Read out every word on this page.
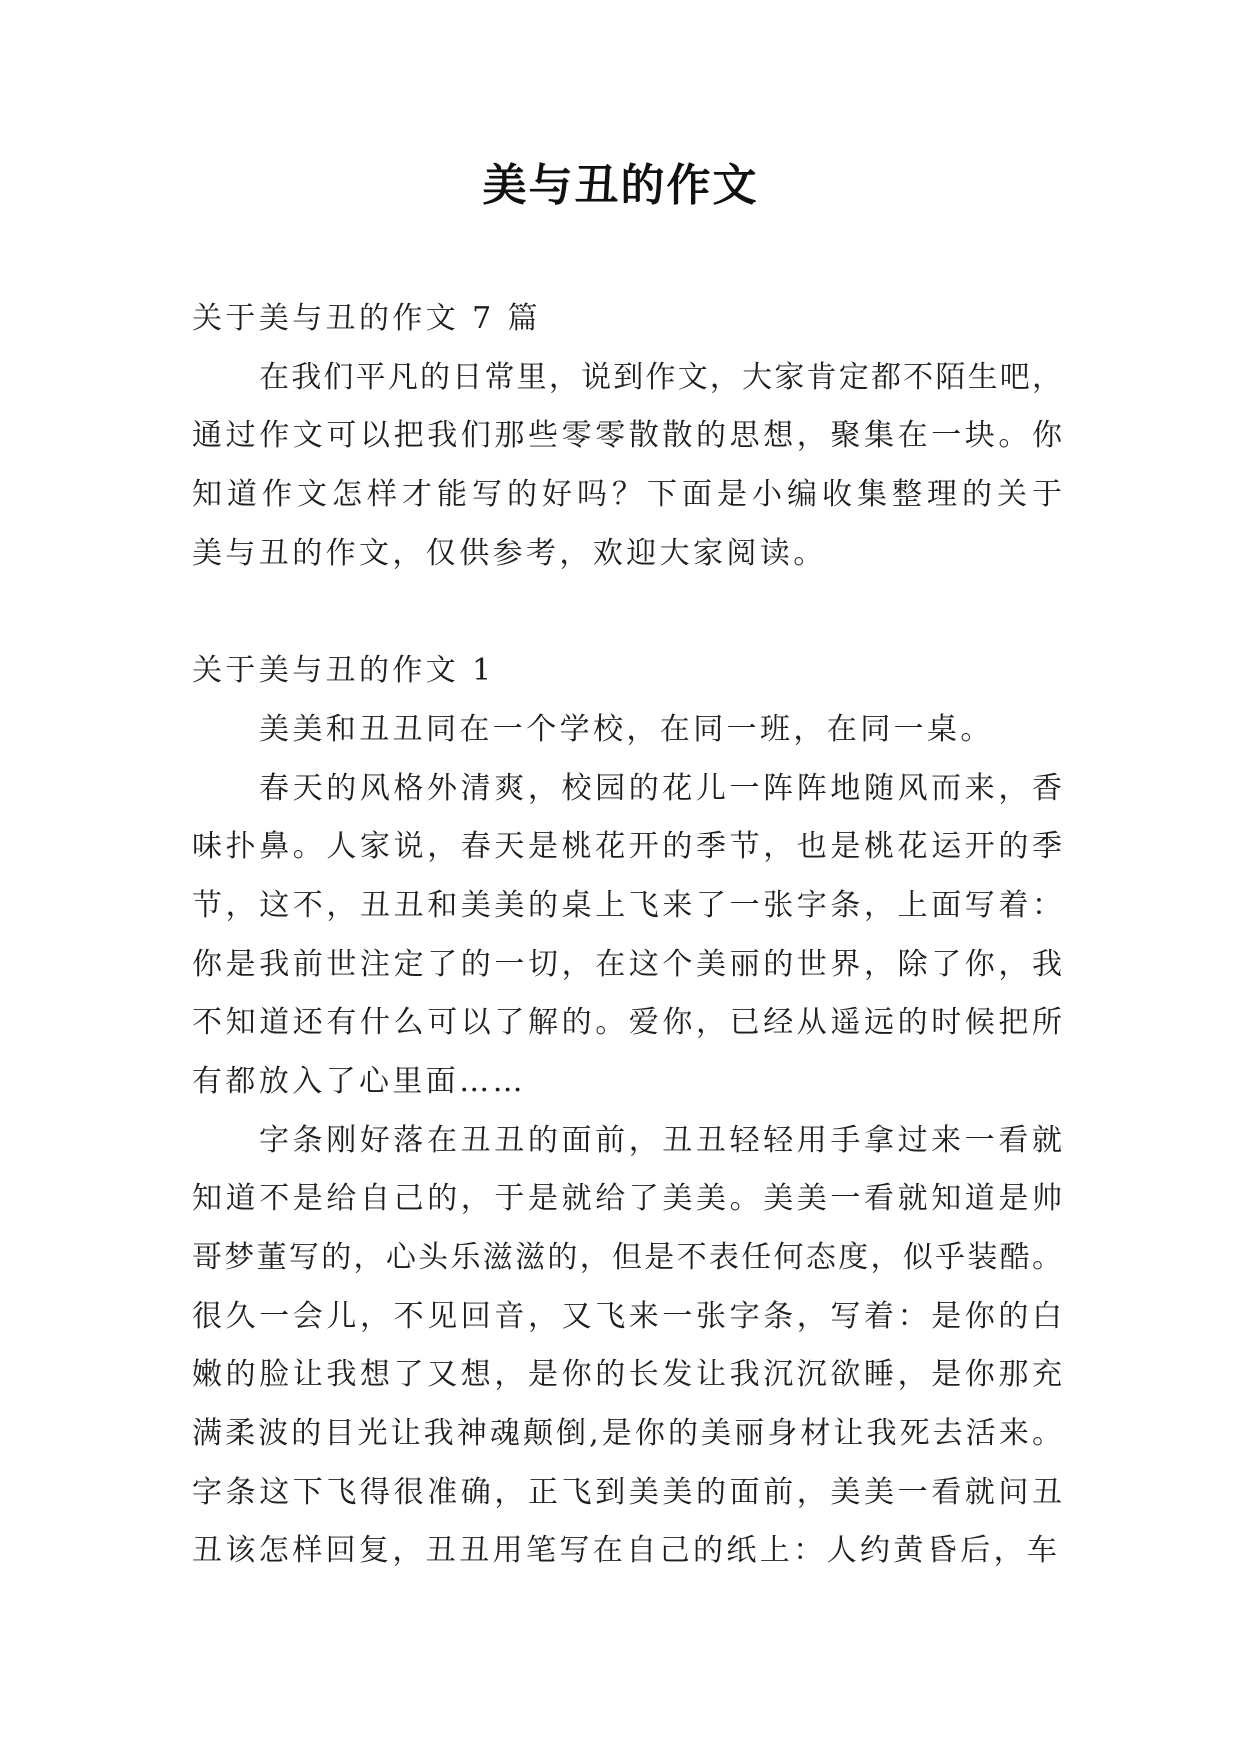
美与丑的作文
关于美与丑的作文 7 篇
在我们平凡的日常里，说到作文，大家肯定都不陌生吧，
通过作文可以把我们那些零零散散的思想，聚集在一块。你
知道作文怎样才能写的好吗？下面是小编收集整理的关于
美与丑的作文，仅供参考，欢迎大家阅读。
关于美与丑的作文 1
美美和丑丑同在一个学校，在同一班，在同一桌。
春天的风格外清爽，校园的花儿一阵阵地随风而来，香
味扑鼻。人家说，春天是桃花开的季节，也是桃花运开的季
节，这不，丑丑和美美的桌上飞来了一张字条，上面写着：
你是我前世注定了的一切，在这个美丽的世界，除了你，我
不知道还有什么可以了解的。爱你，已经从遥远的时候把所
有都放入了心里面……
字条刚好落在丑丑的面前，丑丑轻轻用手拿过来一看就
知道不是给自己的，于是就给了美美。美美一看就知道是帅
哥梦董写的，心头乐滋滋的，但是不表任何态度，似乎装酷。
很久一会儿，不见回音，又飞来一张字条，写着：是你的白
嫩的脸让我想了又想，是你的长发让我沉沉欲睡，是你那充
满柔波的目光让我神魂颠倒,是你的美丽身材让我死去活来。
字条这下飞得很准确，正飞到美美的面前，美美一看就问丑
丑该怎样回复，丑丑用笔写在自己的纸上：人约黄昏后，车
